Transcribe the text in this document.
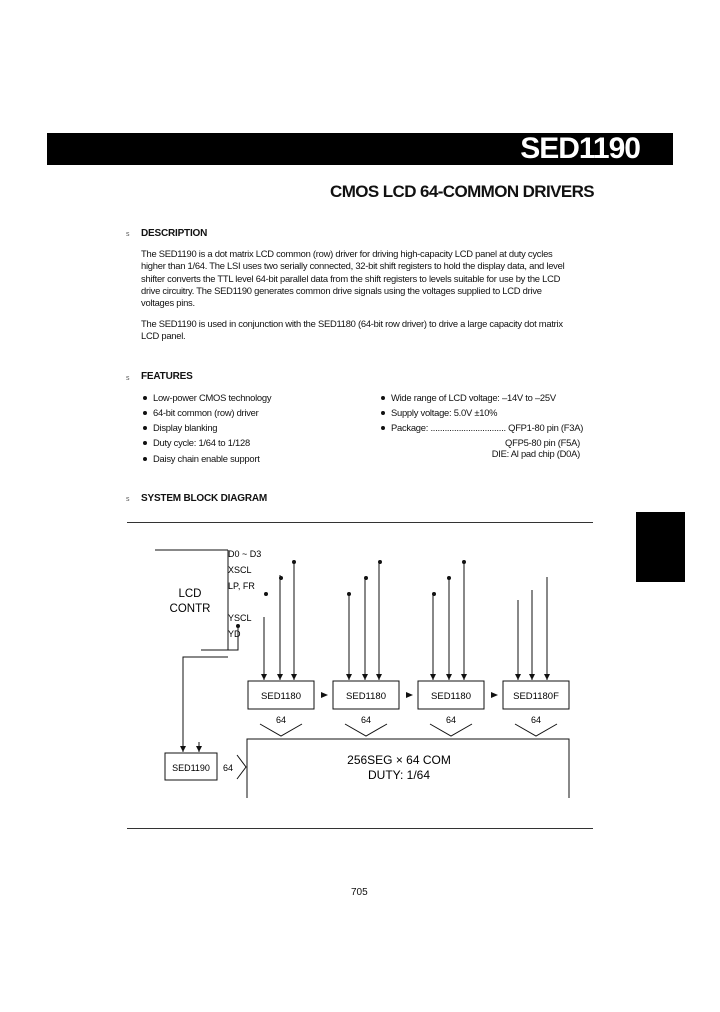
SED1190
CMOS LCD 64-COMMON DRIVERS
s DESCRIPTION
The SED1190 is a dot matrix LCD common (row) driver for driving high-capacity LCD panel at duty cycles
higher than 1/64. The LSI uses two serially connected, 32-bit shift registers to hold the display data, and level
shifter converts the TTL level 64-bit parallel data from the shift registers to levels suitable for use by the LCD
drive circuitry. The SED1190 generates common drive signals using the voltages supplied to LCD drive
voltages pins.
The SED1190 is used in conjunction with the SED1180 (64-bit row driver) to drive a large capacity dot matrix
LCD panel.
s FEATURES
Low-power CMOS technology
64-bit common (row) driver
Display blanking
Duty cycle: 1/64 to 1/128
Daisy chain enable support
Wide range of LCD voltage: –14V to –25V
Supply voltage: 5.0V ±10%
Package: ................................ QFP1-80 pin (F3A)
QFP5-80 pin (F5A)
DIE: Al pad chip (D0A)
s SYSTEM BLOCK DIAGRAM
LCD
CONTR
D0 ~ D3
XSCL
LP, FR
YSCL
YD
SED1180	SED1180	SED1180	SED1180F
64	64	64	64
256SEG × 64 COM
DUTY: 1/64
SED1190 64
705
